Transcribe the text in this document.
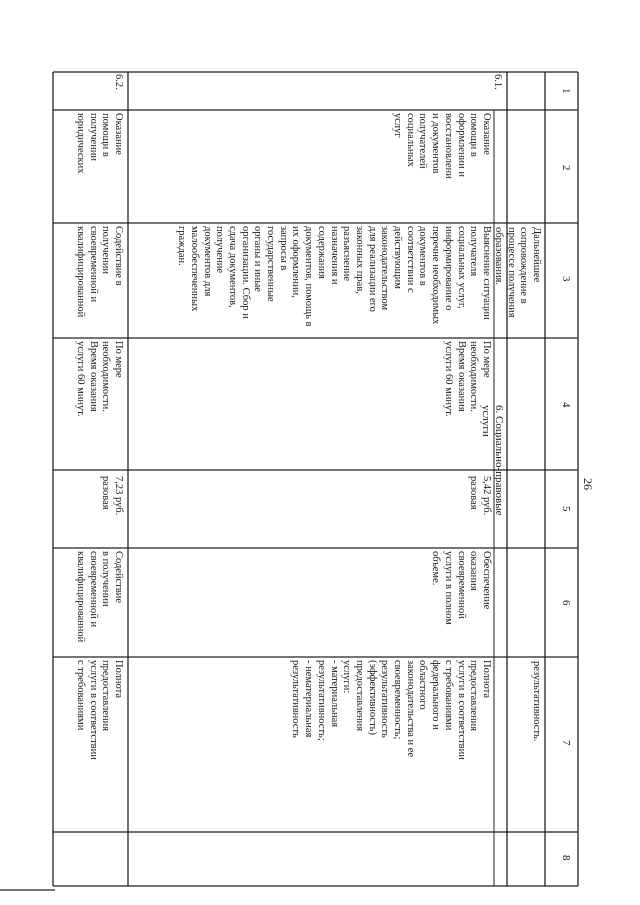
26
1
2
3
4
5
6
7
8
Дальнейшее
сопровождение в
процессе получения
образования.
результативность.
6. Социально-правовые услуги
6.1.
Оказание
помощи в
оформлении и
восстановлени
и документов
получателей
социальных
услуг
Выяснение ситуации
получателя
социальных услуг,
информирование о
перечне необходимых
документов в
соответствии с
действующим
законодательством
для реализации его
законных прав,
разъяснение
назначения и
содержания
документов, помощь в
их оформлении,
запросы в
государственные
органы и иные
организации. Сбор и
сдача документов,
получение
документов для
малообеспеченных
граждан.
По мере
необходимости.
Время оказания
услуги 60 минут.
5,42 руб.
разовая
Обеспечение
оказания
своевременной
услуги в полном
объеме.
Полнота
предоставления
услуги в соответствии
с требованиями
федерального и
областного
законодательства и ее
своевременность;
результативность
(эффективность)
предоставления
услуги:
- материальная
результативность;
- нематериальная
результативность
6.2.
Оказание
помощи в
получении
юридических
Содействие в
получении
своевременной и
квалифицированной
По мере
необходимости.
Время оказания
услуги 60 минут.
7,23 руб.
разовая
Содействие
в получении
своевременной и
квалифицированной
Полнота
предоставления
услуги в соответствии
с требованиями
